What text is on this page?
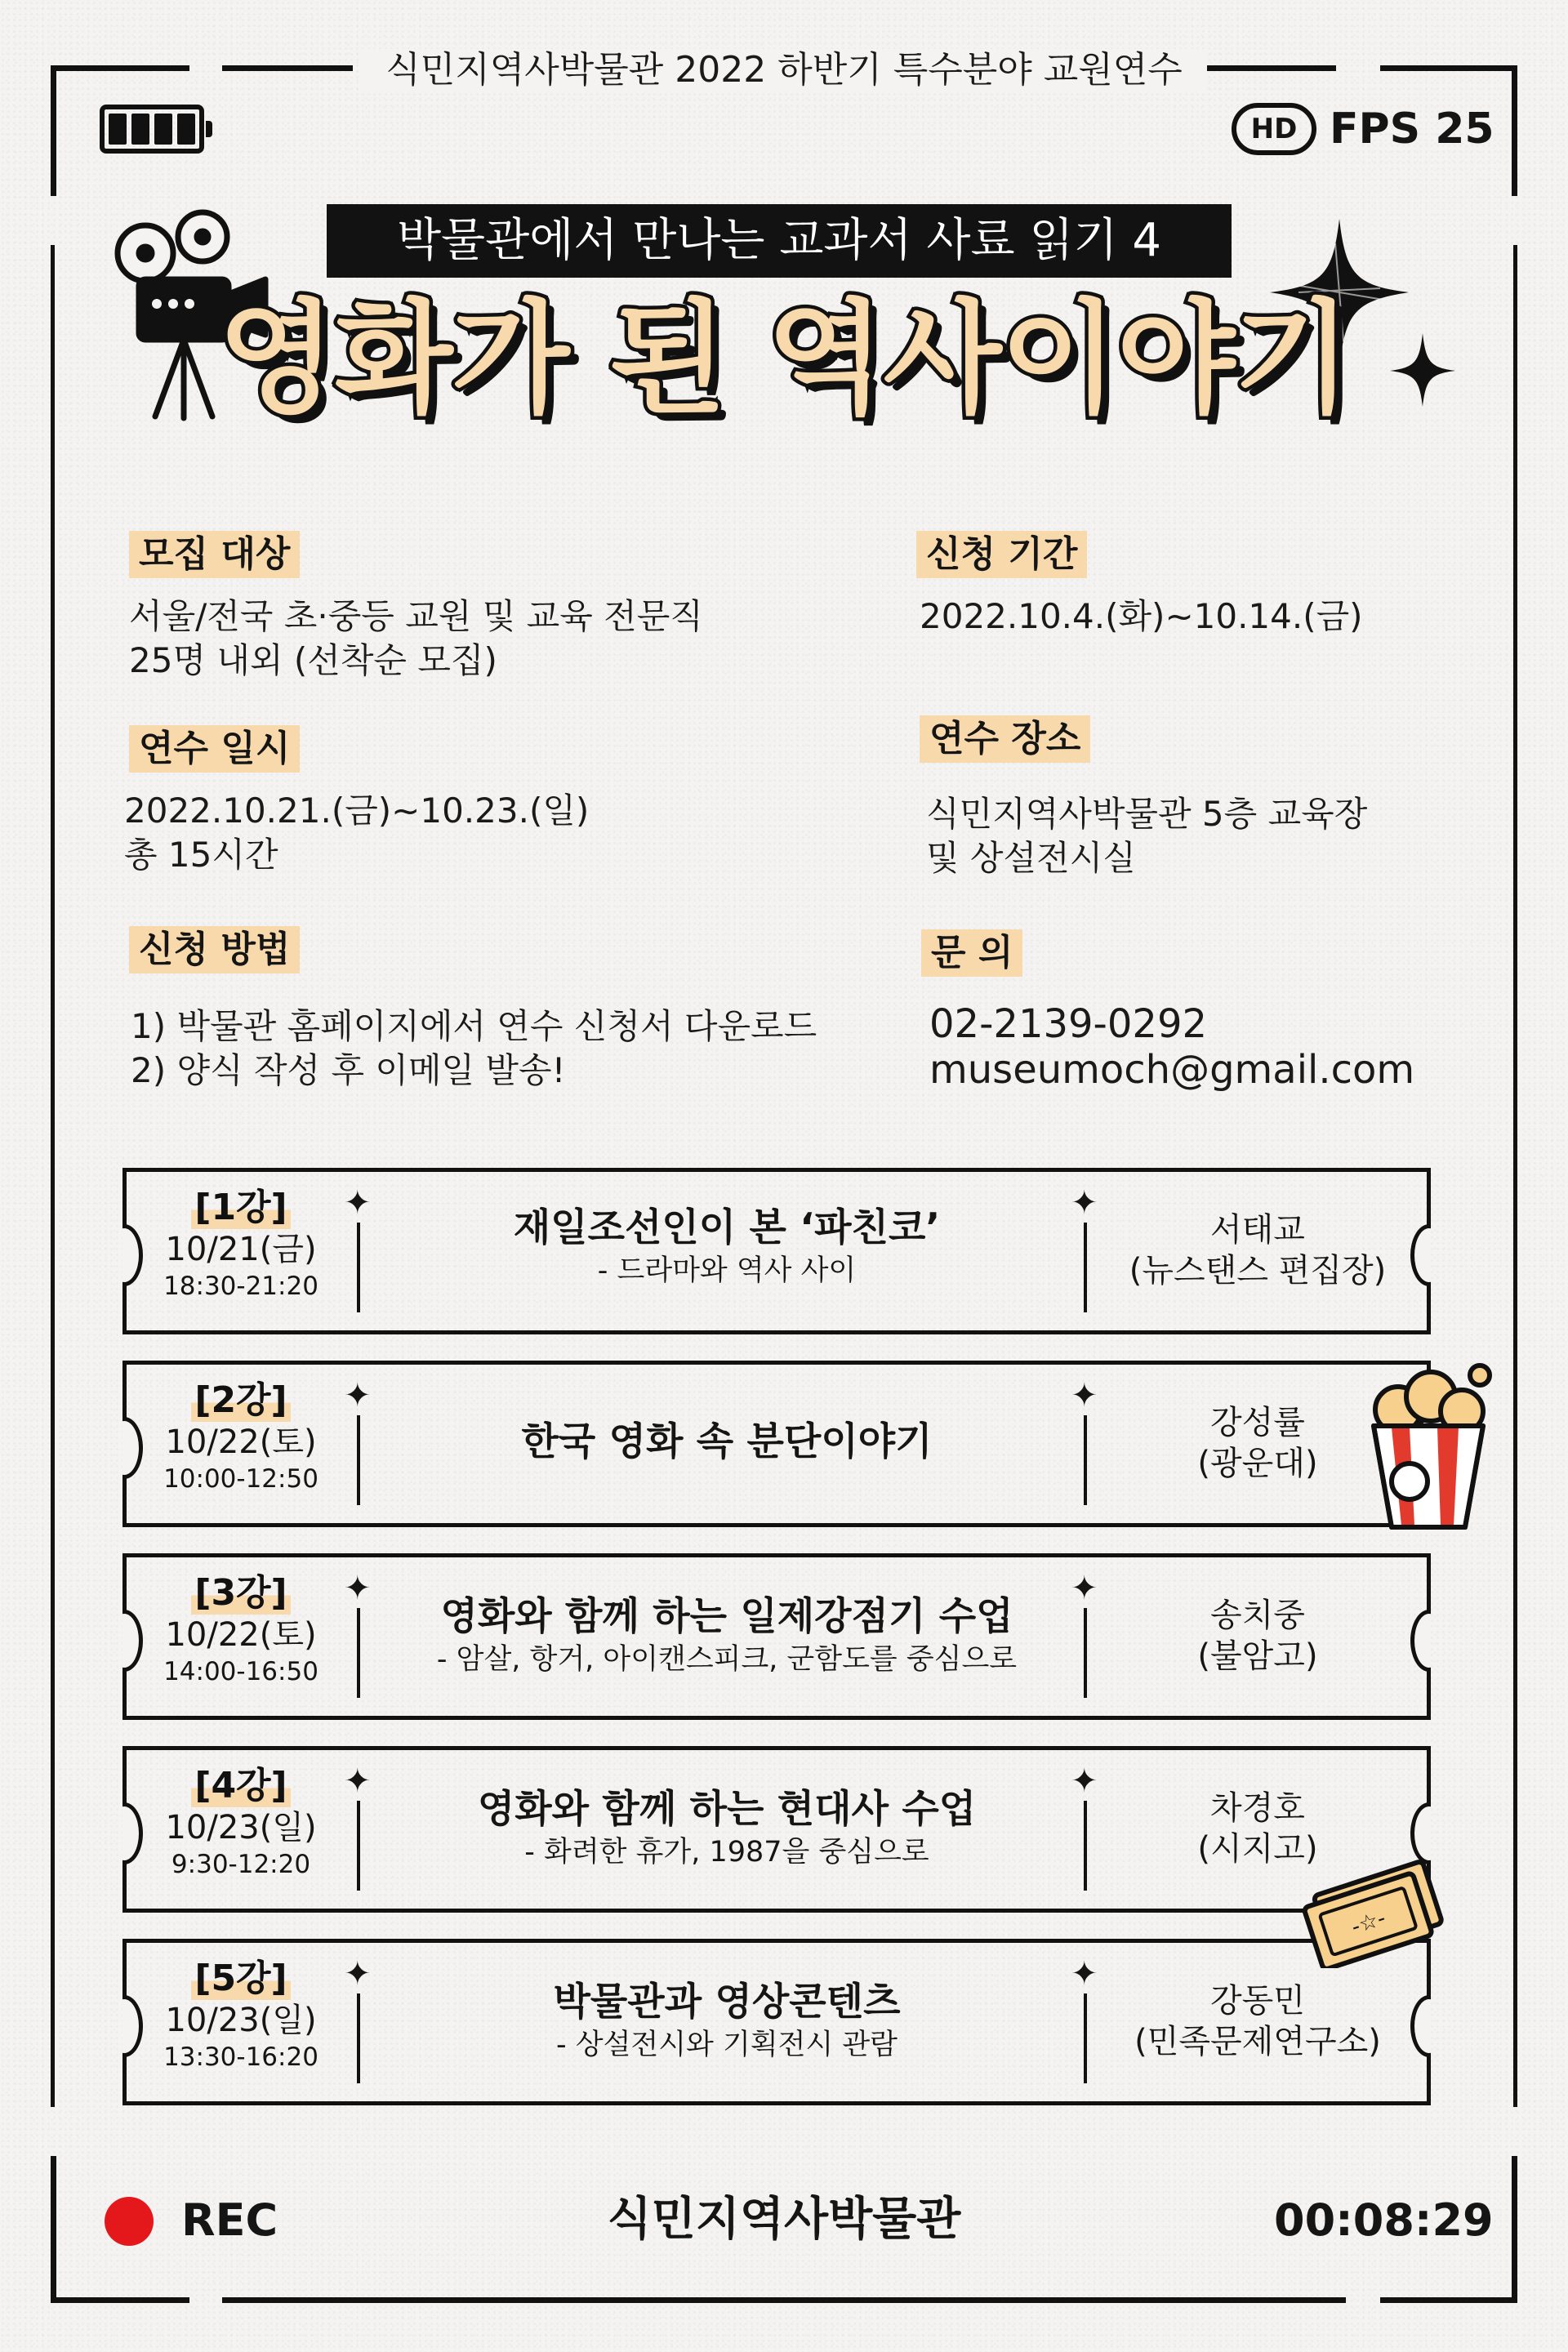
식민지역사박물관 2022 하반기 특수분야 교원연수
HD FPS 25
박물관에서 만나는 교과서 사료 읽기 4
영화가 된 역사이야기
모집 대상
서울/전국 초·중등 교원 및 교육 전문직
25명 내외 (선착순 모집)
신청 기간
2022.10.4.(화)~10.14.(금)
연수 일시
2022.10.21.(금)~10.23.(일)
총 15시간
연수 장소
식민지역사박물관 5층 교육장
및 상설전시실
신청 방법
1) 박물관 홈페이지에서 연수 신청서 다운로드
2) 양식 작성 후 이메일 발송!
문 의
02-2139-0292
museumoch@gmail.com
[1강]
10/21(금)
18:30-21:20
✦
재일조선인이 본 ‘파친코’
- 드라마와 역사 사이
✦
서태교
(뉴스탠스 편집장)
[2강]
10/22(토)
10:00-12:50
✦
한국 영화 속 분단이야기
✦
강성률
(광운대)
[3강]
10/22(토)
14:00-16:50
✦
영화와 함께 하는 일제강점기 수업
- 암살, 항거, 아이캔스피크, 군함도를 중심으로
✦
송치중
(불암고)
[4강]
10/23(일)
9:30-12:20
✦
영화와 함께 하는 현대사 수업
- 화려한 휴가, 1987을 중심으로
✦
차경호
(시지고)
[5강]
10/23(일)
13:30-16:20
✦
박물관과 영상콘텐츠
- 상설전시와 기획전시 관람
✦
강동민
(민족문제연구소)
-☆-
REC	식민지역사박물관	00:08:29
